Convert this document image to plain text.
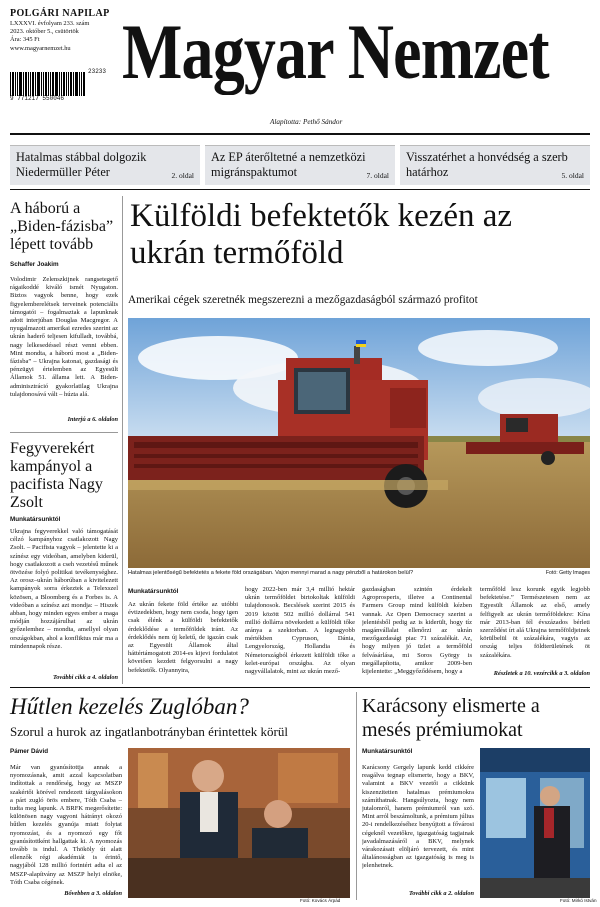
POLGÁRI NAPILAP
LXXXVI. évfolyam 233. szám
2023. október 5., csütörtök
Ára: 345 Ft
www.magyarnemzet.hu
23233
9 771217 550046
Magyar Nemzet
Alapította: Pethő Sándor
Hatalmas stábbal dolgozik Niedermüller Péter	2. oldal
Az EP áterőltetné a nemzetközi migránspaktumot	7. oldal
Visszatérhet a honvédség a szerb határhoz	5. oldal
A háború a „Biden-fázisba” lépett tovább
Schaffer Joakim
Volodimir Zelenszkijnek rangsetegető rágaikoddé kiváló ismét Nyugaton. Biztos vagyok benne, hogy ezek figyelemberelétsek terveinek potenciális támogatói – fogalmaztak a lapunknak adott interjúban Douglas Macgregor. A nyugalmazott amerikai ezredes szerint az ukrán haderő teljesen kifulladt, továbbá, nagy lelkesedéssel részt venni ebben. Mint mondta, a háború most a „Biden-fázisba” – Ukrajna katonai, gazdasági és pénzügyi értelemben az Egyesült Államok 51. állama lett. A Biden-adminisztráció gyakorlatilag Ukrajna tulajdonosává vált – húzta alá.
Interjú a 6. oldalon
Fegyverekért kampányol a pacifista Nagy Zsolt
Munkatársunktól
Ukrajna fegyverekkel való támogatását célzó kampányhoz csatlakozott Nagy Zsolt. – Pacifista vagyok – jelentette ki a színész egy videóban, amelyben kiderül, hogy csatlakozott a cseh vezetésű műnek ötvözése folyó politikai tevékenységhez. Az orosz–ukrán háborúban a kivitelezett kampányok sorra érkeztek a Telexszel közösen, a Bloomberg és a Forbes is. A videóban a színész azt mondja: – Hiszek abban, hogy minden egyes ember a maga módján hozzájárulhat az ukrán győzelemhez – mondta, amellyel olyan országokban, ahol a konfliktus már ma a mindennapok része.
További cikk a 4. oldalon
Külföldi befektetők kezén az ukrán termőföld
Amerikai cégek szeretnék megszerezni a mezőgazdaságból származó profitot
Hatalmas jelentőségű befektetés a fekete föld országában. Vajon mennyi marad a nagy pénzből a határokon belül?	Fotó: Getty Images
Munkatársunktól
Az ukrán fekete föld értéke az utóbbi évtizedekben, hogy nem csoda, hogy igen csak élénk a külföldi befektetők érdeklődése a termőföldek iránt. Az érdeklődés nem új keletű, de igazán csak az Egyesült Államok által háttértámogatott 2014-es kijevi fordulatot követően kezdett felgyorsulni a nagy befektetők. Olyannyira,
hogy 2022-ben már 3,4 millió hektár ukrán termőföldet birtokoltak külföldi tulajdonosok. Becslések szerint 2015 és 2019 között 502 millió dollárral 541 millió dollárra növekedett a külföldi tőke aránya a szektorban. A legnagyobb mértékben Cypruson, Dánia, Lengyelország, Hollandia és Németországból érkezett külföldi tőke a kelet-európai országba. Az olyan nagyvállalatok, mint az ukrán mező-
gazdaságban szintén érdekelt Agroprosperis, illetve a Continental Farmers Group mind külföldi kézben vannak. Az Open Democracy szerint a jelentésből pedig az is kiderült, hogy tíz magánvállalat ellenőrzi az ukrán mezőgazdasági piac 71 százalékát. Az, hogy milyen jó üzlet a termőföld felvásárlása, mi Soros György is megállapította, amikor 2009-ben kijelentette: „Meggyőződésem, hogy a
termőföld lesz korunk egyik legjobb befektetése.” Természetesen nem az Egyesült Államok az első, amely felfigyelt az ukrán termőföldekre: Kína már 2013-ban fél évszázados bérleti szerződést írt alá Ukrajna termőföldjeinek körülbelül öt százalékára, vagyis az ország teljes földterületének öt százalékára.
Részletek a 10. vezércikk a 3. oldalon
Hűtlen kezelés Zuglóban?
Szorul a hurok az ingatlanbotrányban érintettek körül
Pámer Dávid
Már van gyanúsítottja annak a nyomozásnak, amit azzal kapcsolatban indítottak a rendőrség, hogy az MSZP szakértői körével rendezett tárgyalásokon a párt zugló örös embere, Tóth Csaba – tudta meg lapunk. A BRFK megerősítette: különösen nagy vagyoni hátrányt okozó hűtlen kezelés gyanúja miatt folytat nyomozást, és a nyomozó egy főt gyanúsítottként hallgattak ki. A nyomozás tovább is indul. A Thököly út alatt ellenzők régi akadémiát is érintő, nagyjából 128 millió forintért adta el az MSZP-alapítvány az MSZP helyi elnöke, Tóth Csaba cégének.
Bővebben a 3. oldalon
Fotó: Kovács Árpád
Karácsony elismerte a mesés prémiumokat
Munkatársunktól
Karácsony Gergely lapunk kedd cikkére reagálva tegnap elismerte, hogy a BKV, valamint a BKV vezetői a cikkünk kiszenzitetten hatalmas prémiumokra számíthatnak. Hangsúlyozta, hogy nem jutalomról, hanem prémiumról van szó. Mint arról beszámoltunk, a prémium július 20-i rendelkezéséhez benyújtott a fővárosi cégeknél vezetőkre, igazgatóság tagjainak javadalmazásáról a BKV, melynek várakozásait elöljáró tervezett, és mint általánosságban az igazgatóság is meg is jelenhetnek.
További cikk a 2. oldalon
Fotó: Mirkó István
